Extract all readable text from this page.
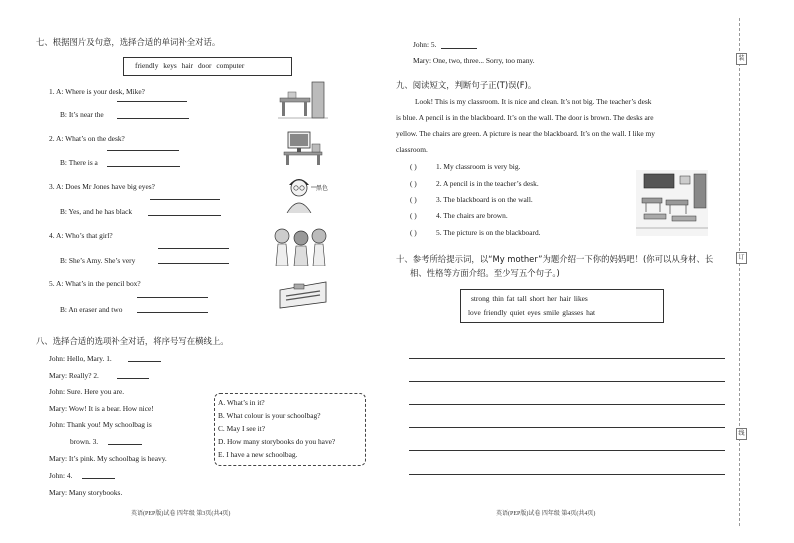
七、根据图片及句意，选择合适的单词补全对话。
friendly keys hair door computer
1. A: Where is your desk, Mike?
B: It’s near the
2. A: What’s on the desk?
B: There is a
3. A: Does Mr Jones have big eyes?
B: Yes, and he has black
4. A: Who’s that girl?
B: She’s Amy. She’s very
5. A: What’s in the pencil box?
B: An eraser and two
黑色
八、选择合适的选项补全对话，将序号写在横线上。
John: Hello, Mary. 1.
Mary: Really? 2.
John: Sure. Here you are.
Mary: Wow! It is a bear. How nice!
John: Thank you! My schoolbag is
brown. 3.
Mary: It’s pink. My schoolbag is heavy.
John: 4.
Mary: Many storybooks.
A. What’s in it?
B. What colour is your schoolbag?
C. May I see it?
D. How many storybooks do you have?
E. I have a new schoolbag.
英语(PEP版)试卷 四年级 第3页(共4页)
John: 5.
Mary: One, two, three... Sorry, too many.
九、阅读短文，判断句子正(T)误(F)。
Look! This is my classroom. It is nice and clean. It’s not big. The teacher’s desk
is blue. A pencil is in the blackboard. It’s on the wall. The door is brown. The desks are
yellow. The chairs are green. A picture is near the blackboard. It’s on the wall. I like my
classroom.
( )	1. My classroom is very big.
( )	2. A pencil is in the teacher’s desk.
( )	3. The blackboard is on the wall.
( )	4. The chairs are brown.
( )	5. The picture is on the blackboard.
十、参考所给提示词，以“My mother”为题介绍一下你的妈妈吧！(你可以从身材、长
相、性格等方面介绍。至少写五个句子。)
strong thin fat tall short her hair likes
love friendly quiet eyes smile glasses hat
英语(PEP版)试卷 四年级 第4页(共4页)
装
订
线
